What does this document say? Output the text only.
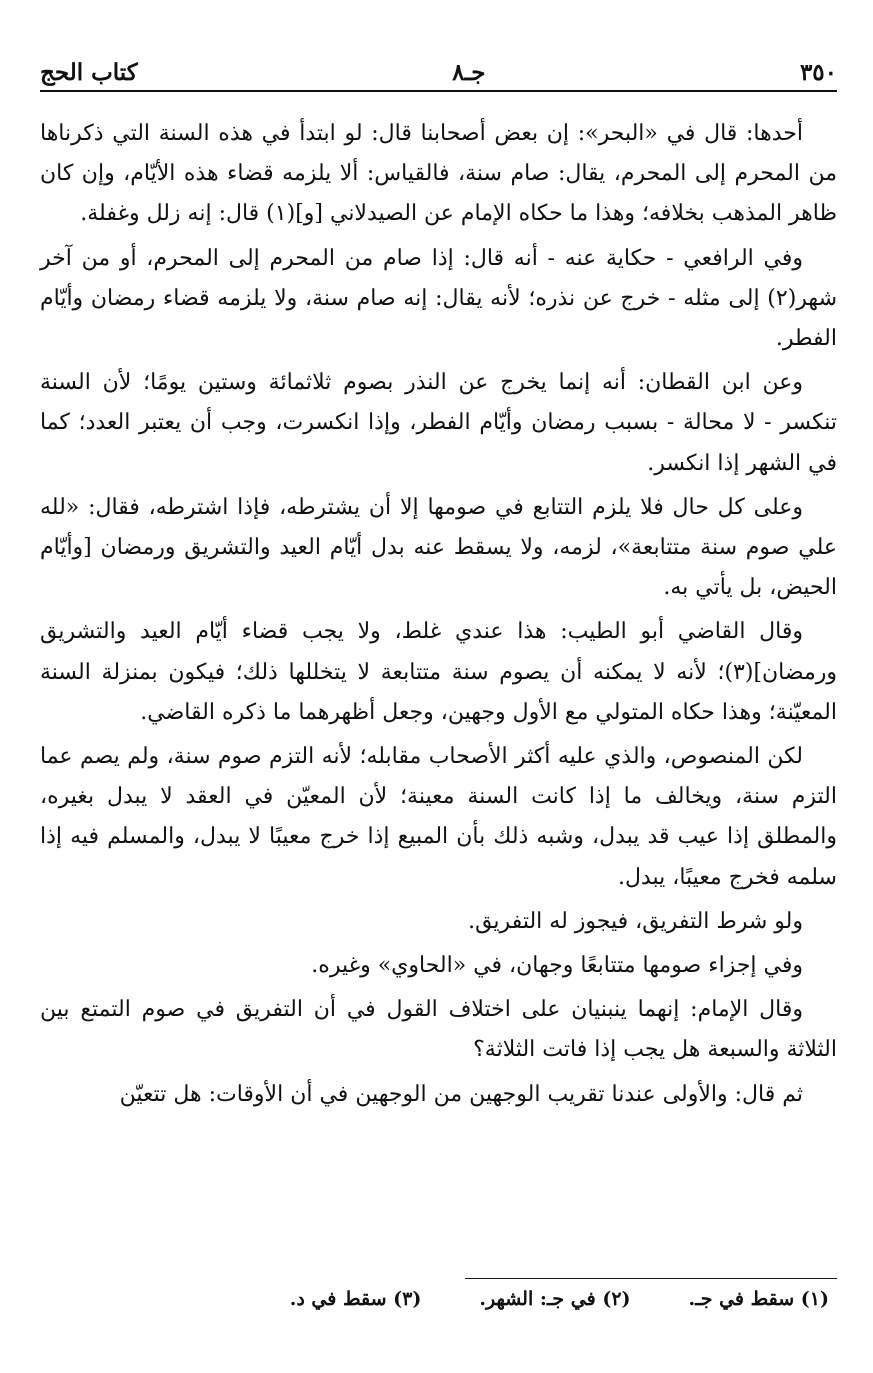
٣٥٠
جـ٨
كتاب الحج

أحدها: قال في «البحر»: إن بعض أصحابنا قال: لو ابتدأ في هذه السنة التي ذكرناها من المحرم إلى المحرم، يقال: صام سنة، فالقياس: ألا يلزمه قضاء هذه الأيّام، وإن كان ظاهر المذهب بخلافه؛ وهذا ما حكاه الإمام عن الصيدلاني [و](١) قال: إنه زلل وغفلة.

وفي الرافعي - حكاية عنه - أنه قال: إذا صام من المحرم إلى المحرم، أو من آخر شهر(٢) إلى مثله - خرج عن نذره؛ لأنه يقال: إنه صام سنة، ولا يلزمه قضاء رمضان وأيّام الفطر.

وعن ابن القطان: أنه إنما يخرج عن النذر بصوم ثلاثمائة وستين يومًا؛ لأن السنة تنكسر - لا محالة - بسبب رمضان وأيّام الفطر، وإذا انكسرت، وجب أن يعتبر العدد؛ كما في الشهر إذا انكسر.

وعلى كل حال فلا يلزم التتابع في صومها إلا أن يشترطه، فإذا اشترطه، فقال: «لله علي صوم سنة متتابعة»، لزمه، ولا يسقط عنه بدل أيّام العيد والتشريق ورمضان [وأيّام الحيض، بل يأتي به.

وقال القاضي أبو الطيب: هذا عندي غلط، ولا يجب قضاء أيّام العيد والتشريق ورمضان](٣)؛ لأنه لا يمكنه أن يصوم سنة متتابعة لا يتخللها ذلك؛ فيكون بمنزلة السنة المعيّنة؛ وهذا حكاه المتولي مع الأول وجهين، وجعل أظهرهما ما ذكره القاضي.

لكن المنصوص، والذي عليه أكثر الأصحاب مقابله؛ لأنه التزم صوم سنة، ولم يصم عما التزم سنة، ويخالف ما إذا كانت السنة معينة؛ لأن المعيّن في العقد لا يبدل بغيره، والمطلق إذا عيب قد يبدل، وشبه ذلك بأن المبيع إذا خرج معيبًا لا يبدل، والمسلم فيه إذا سلمه فخرج معيبًا، يبدل.

ولو شرط التفريق، فيجوز له التفريق.

وفي إجزاء صومها متتابعًا وجهان، في «الحاوي» وغيره.

وقال الإمام: إنهما ينبنيان على اختلاف القول في أن التفريق في صوم التمتع بين الثلاثة والسبعة هل يجب إذا فاتت الثلاثة؟

ثم قال: والأولى عندنا تقريب الوجهين من الوجهين في أن الأوقات: هل تتعيّن

(١) سقط في جـ.
(٢) في جـ: الشهر.
(٣) سقط في د.
